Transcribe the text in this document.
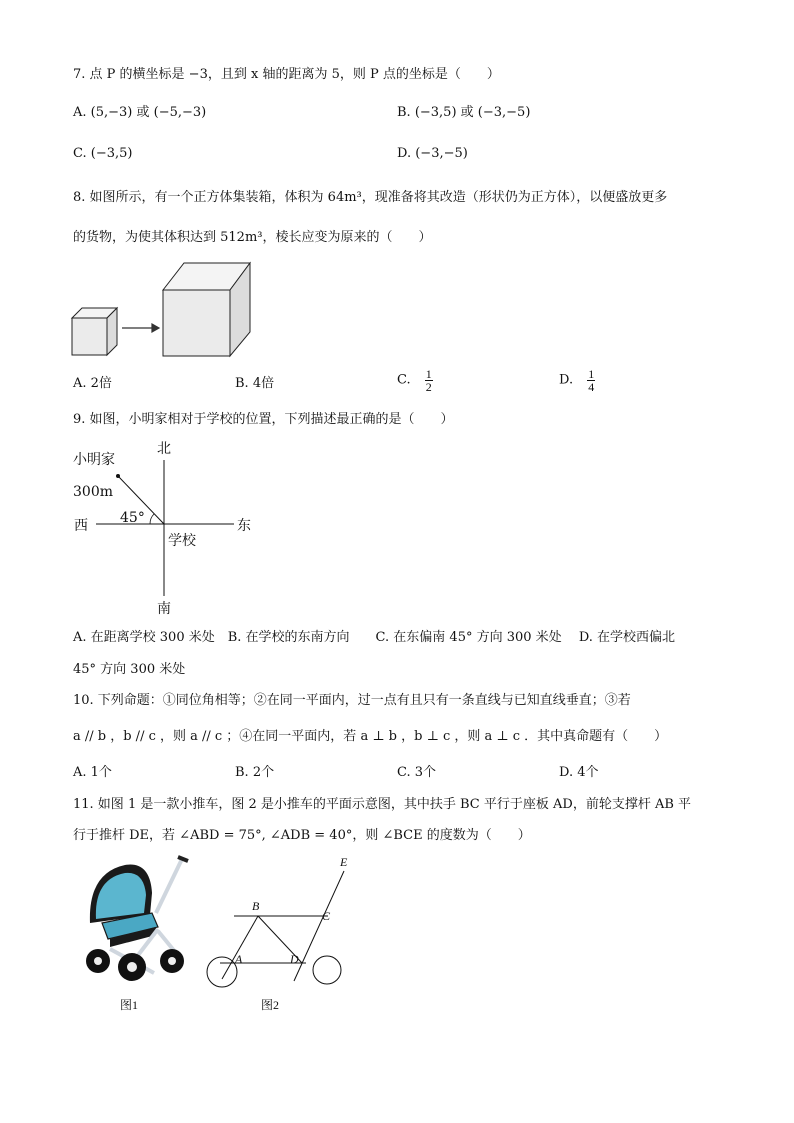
7. 点 P 的横坐标是 −3，且到 x 轴的距离为 5，则 P 点的坐标是（　　）
A. (5,−3) 或 (−5,−3)	B. (−3,5) 或 (−3,−5)
C. (−3,5)	D. (−3,−5)
8. 如图所示，有一个正方体集装箱，体积为 64m³，现准备将其改造（形状仍为正方体），以便盛放更多
的货物，为使其体积达到 512m³，棱长应变为原来的（　　）
A. 2倍	B. 4倍	C. $\frac{1}{2}$	D. $\frac{1}{4}$
9. 如图，小明家相对于学校的位置，下列描述最正确的是（　　）
北
南
西	东
小明家
300m
45°
学校
A. 在距离学校 300 米处　B. 在学校的东南方向　　C. 在东偏南 45° 方向 300 米处　 D. 在学校西偏北
45° 方向 300 米处
10. 下列命题：①同位角相等；②在同一平面内，过一点有且只有一条直线与已知直线垂直；③若
a // b ，b // c ，则 a // c ；④在同一平面内，若 a ⊥ b ，b ⊥ c ，则 a ⊥ c ．其中真命题有（　　）
A. 1个	B. 2个	C. 3个	D. 4个
11. 如图 1 是一款小推车，图 2 是小推车的平面示意图，其中扶手 BC 平行于座板 AD，前轮支撑杆 AB 平
行于推杆 DE，若 ∠ABD = 75°, ∠ADB = 40°，则 ∠BCE 的度数为（　　）
A
B
C
D
E
图1	图2
